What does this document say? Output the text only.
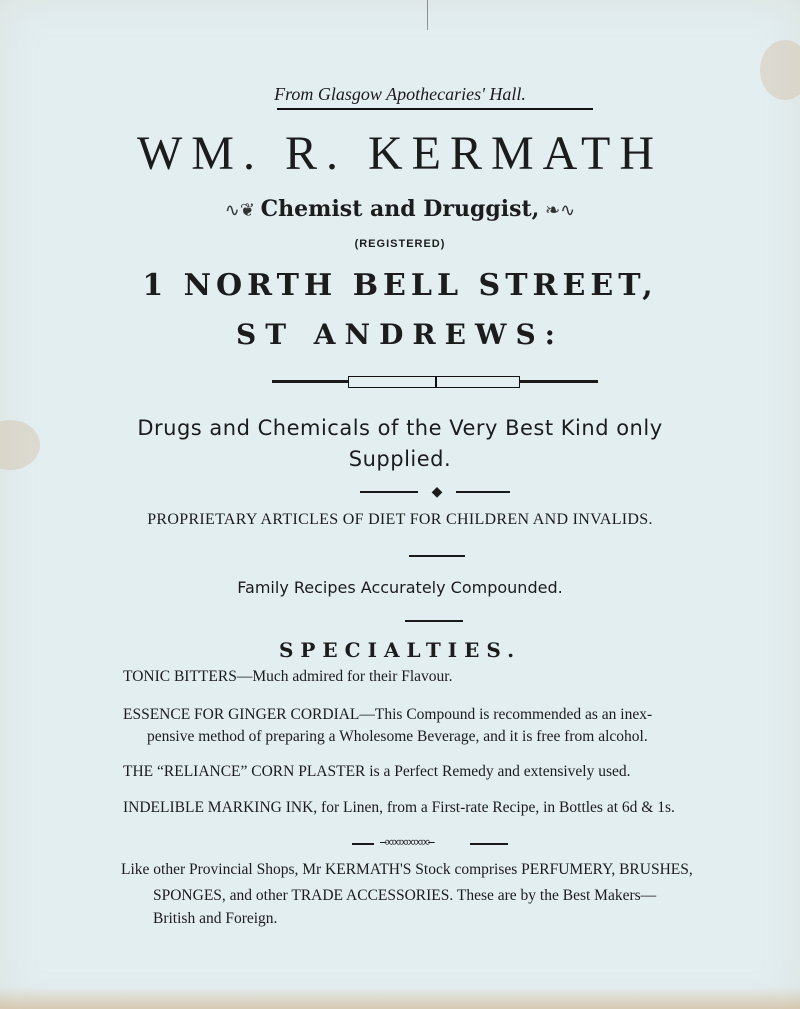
From Glasgow Apothecaries' Hall.
WM. R. KERMATH
∿❦ Chemist and Druggist, ❧∿
(REGISTERED)
1 NORTH BELL STREET,
ST ANDREWS:
Drugs and Chemicals of the Very Best Kind only
Supplied.
◆
PROPRIETARY ARTICLES OF DIET FOR CHILDREN AND INVALIDS.
Family Recipes Accurately Compounded.
SPECIALTIES.
TONIC BITTERS—Much admired for their Flavour.
ESSENCE FOR GINGER CORDIAL—This Compound is recommended as an inex-
pensive method of preparing a Wholesome Beverage, and it is free from alcohol.
THE “RELIANCE” CORN PLASTER is a Perfect Remedy and extensively used.
INDELIBLE MARKING INK, for Linen, from a First-rate Recipe, in Bottles at 6d & 1s.
⎯∞∞∞∞∞∞⎯
Like other Provincial Shops, Mr KERMATH'S Stock comprises PERFUMERY, BRUSHES,
SPONGES, and other TRADE ACCESSORIES. These are by the Best Makers—
British and Foreign.
